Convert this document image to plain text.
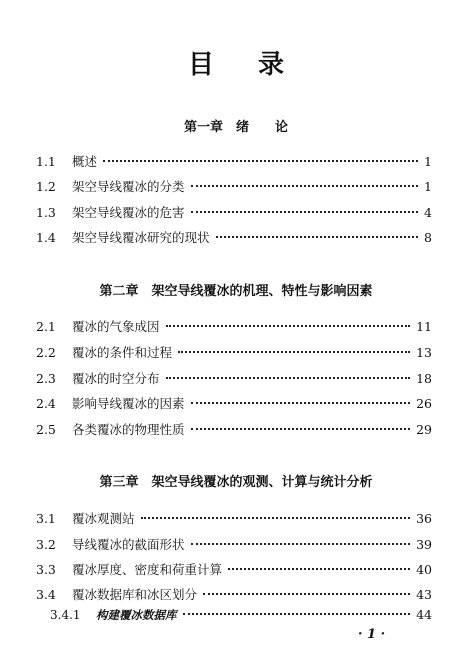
目 录
第一章　绪　　论
1.1	概述	1
1.2	架空导线覆冰的分类	1
1.3	架空导线覆冰的危害	4
1.4	架空导线覆冰研究的现状	8
第二章　架空导线覆冰的机理、特性与影响因素
2.1	覆冰的气象成因	11
2.2	覆冰的条件和过程	13
2.3	覆冰的时空分布	18
2.4	影响导线覆冰的因素	26
2.5	各类覆冰的物理性质	29
第三章　架空导线覆冰的观测、计算与统计分析
3.1	覆冰观测站	36
3.2	导线覆冰的截面形状	39
3.3	覆冰厚度、密度和荷重计算	40
3.4	覆冰数据库和冰区划分	43
3.4.1	构建覆冰数据库	44
· 1 ·
